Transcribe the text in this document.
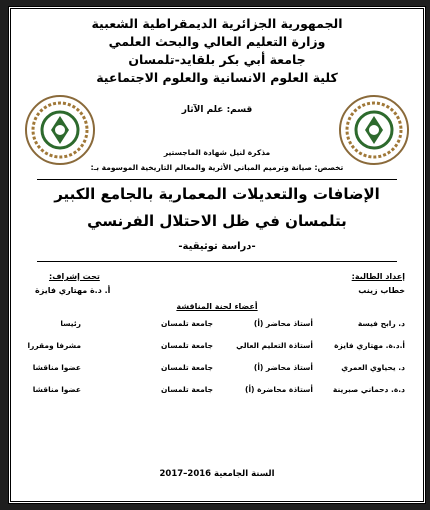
الجمهورية الجزائرية الديمقراطية الشعبية
وزارة التعليم العالي والبحث العلمي
جامعة أبي بكر بلقايد-تلمسان
كلية العلوم الانسانية والعلوم الاجتماعية
قسم: علم الآثار
مذكرة لنيل شهادة الماجستير
تخصص: صيانة وترميم المباني الأثرية والمعالم التاريخية الموسومة بـ:
الإضافات والتعديلات المعمارية بالجامع الكبير
بتلمسان في ظل الاحتلال الفرنسي
-دراسة توثيقية-
إعداد الطالبة:
خطاب زينب
تحت إشراف:
أ. د.ة مهتاري فايزة
أعضاء لجنة المناقشة
د. رابح فيسة
أستاذ محاضر (أ)
جامعة تلمسان
رئيسا
أ.د.ة. مهتاري فايزة
أستاذة التعليم العالي
جامعة تلمسان
مشرفا ومقررا
د. يحياوي العمري
أستاذ محاضر (أ)
جامعة تلمسان
عضوا مناقشا
د.ة. دحماني صبرينة
أستاذة محاضرة (أ)
جامعة تلمسان
عضوا مناقشا
السنة الجامعية 2016–2017
